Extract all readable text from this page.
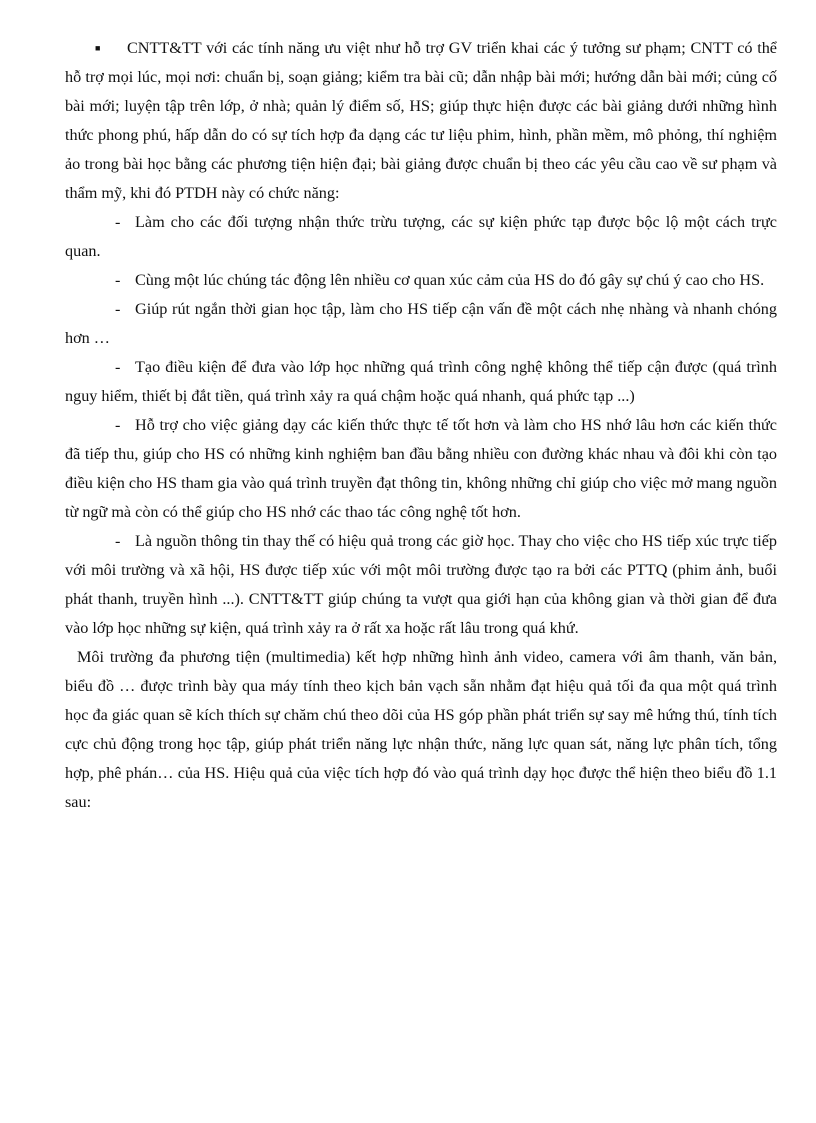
■ CNTT&TT với các tính năng ưu việt như hỗ trợ GV triển khai các ý tưởng sư phạm; CNTT có thể hỗ trợ mọi lúc, mọi nơi: chuẩn bị, soạn giảng; kiểm tra bài cũ; dẫn nhập bài mới; hướng dẫn bài mới; củng cố bài mới; luyện tập trên lớp, ở nhà; quản lý điểm số, HS; giúp thực hiện được các bài giảng dưới những hình thức phong phú, hấp dẫn do có sự tích hợp đa dạng các tư liệu phim, hình, phần mềm, mô phỏng, thí nghiệm ảo trong bài học bằng các phương tiện hiện đại; bài giảng được chuẩn bị theo các yêu cầu cao về sư phạm và thẩm mỹ, khi đó PTDH này có chức năng:

- Làm cho các đối tượng nhận thức trừu tượng, các sự kiện phức tạp được bộc lộ một cách trực quan.

- Cùng một lúc chúng tác động lên nhiều cơ quan xúc cảm của HS do đó gây sự chú ý cao cho HS.

- Giúp rút ngắn thời gian học tập, làm cho HS tiếp cận vấn đề một cách nhẹ nhàng và nhanh chóng hơn …

- Tạo điều kiện để đưa vào lớp học những quá trình công nghệ không thể tiếp cận được (quá trình nguy hiểm, thiết bị đắt tiền, quá trình xảy ra quá chậm hoặc quá nhanh, quá phức tạp ...)

- Hỗ trợ cho việc giảng dạy các kiến thức thực tế tốt hơn và làm cho HS nhớ lâu hơn các kiến thức đã tiếp thu, giúp cho HS có những kinh nghiệm ban đầu bằng nhiều con đường khác nhau và đôi khi còn tạo điều kiện cho HS tham gia vào quá trình truyền đạt thông tin, không những chỉ giúp cho việc mở mang nguồn từ ngữ mà còn có thể giúp cho HS nhớ các thao tác công nghệ tốt hơn.

- Là nguồn thông tin thay thế có hiệu quả trong các giờ học. Thay cho việc cho HS tiếp xúc trực tiếp với môi trường và xã hội, HS được tiếp xúc với một môi trường được tạo ra bởi các PTTQ (phim ảnh, buổi phát thanh, truyền hình ...). CNTT&TT giúp chúng ta vượt qua giới hạn của không gian và thời gian để đưa vào lớp học những sự kiện, quá trình xảy ra ở rất xa hoặc rất lâu trong quá khứ.

Môi trường đa phương tiện (multimedia) kết hợp những hình ảnh video, camera với âm thanh, văn bản, biểu đồ … được trình bày qua máy tính theo kịch bản vạch sẵn nhằm đạt hiệu quả tối đa qua một quá trình học đa giác quan sẽ kích thích sự chăm chú theo dõi của HS góp phần phát triển sự say mê hứng thú, tính tích cực chủ động trong học tập, giúp phát triển năng lực nhận thức, năng lực quan sát, năng lực phân tích, tổng hợp, phê phán… của HS. Hiệu quả của việc tích hợp đó vào quá trình dạy học được thể hiện theo biểu đồ 1.1 sau:
